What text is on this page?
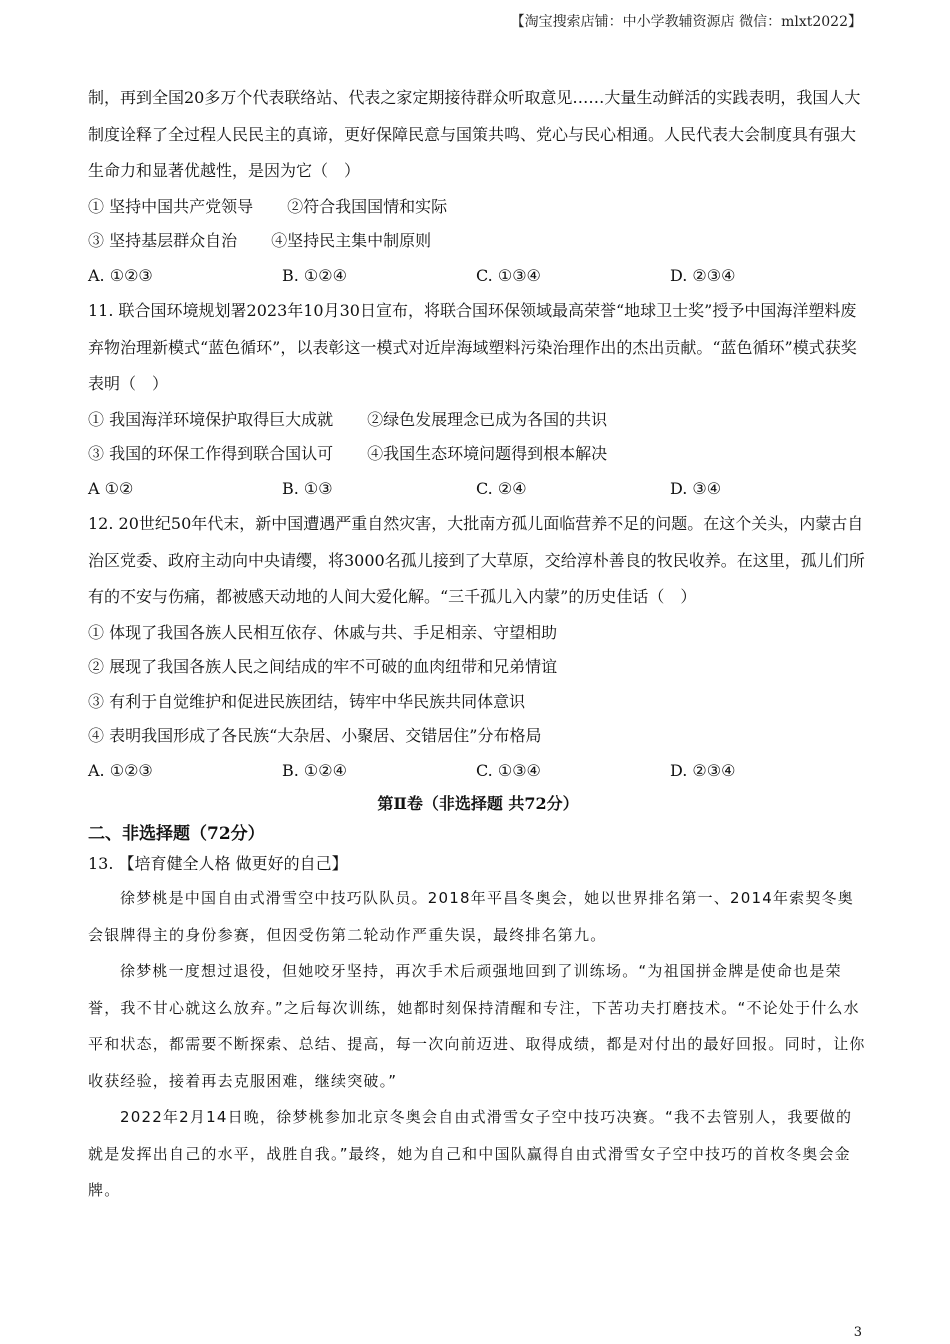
【淘宝搜索店铺：中小学教辅资源店 微信：mlxt2022】

制，再到全国20多万个代表联络站、代表之家定期接待群众听取意见……大量生动鲜活的实践表明，我国人大制度诠释了全过程人民民主的真谛，更好保障民意与国策共鸣、党心与民心相通。人民代表大会制度具有强大生命力和显著优越性，是因为它（　）

① 坚持中国共产党领导 ②符合我国国情和实际

③ 坚持基层群众自治 ④坚持民主集中制原则

A. ①②③	B. ①②④	C. ①③④	D. ②③④

11. 联合国环境规划署2023年10月30日宣布，将联合国环保领域最高荣誉“地球卫士奖”授予中国海洋塑料废弃物治理新模式“蓝色循环”，以表彰这一模式对近岸海域塑料污染治理作出的杰出贡献。“蓝色循环”模式获奖表明（　）

① 我国海洋环境保护取得巨大成就 ②绿色发展理念已成为各国的共识

③ 我国的环保工作得到联合国认可 ④我国生态环境问题得到根本解决

A ①②	B. ①③	C. ②④	D. ③④

12. 20世纪50年代末，新中国遭遇严重自然灾害，大批南方孤儿面临营养不足的问题。在这个关头，内蒙古自治区党委、政府主动向中央请缨，将3000名孤儿接到了大草原，交给淳朴善良的牧民收养。在这里，孤儿们所有的不安与伤痛，都被感天动地的人间大爱化解。“三千孤儿入内蒙”的历史佳话（　）

① 体现了我国各族人民相互依存、休戚与共、手足相亲、守望相助

② 展现了我国各族人民之间结成的牢不可破的血肉纽带和兄弟情谊

③ 有利于自觉维护和促进民族团结，铸牢中华民族共同体意识

④ 表明我国形成了各民族“大杂居、小聚居、交错居住”分布格局

A. ①②③	B. ①②④	C. ①③④	D. ②③④
第Ⅱ卷（非选择题 共72分）
二、非选择题（72分）
13. 【培育健全人格 做更好的自己】

徐梦桃是中国自由式滑雪空中技巧队队员。2018年平昌冬奥会，她以世界排名第一、2014年索契冬奥会银牌得主的身份参赛，但因受伤第二轮动作严重失误，最终排名第九。

徐梦桃一度想过退役，但她咬牙坚持，再次手术后顽强地回到了训练场。“为祖国拼金牌是使命也是荣誉，我不甘心就这么放弃。”之后每次训练，她都时刻保持清醒和专注，下苦功夫打磨技术。“不论处于什么水平和状态，都需要不断探索、总结、提高，每一次向前迈进、取得成绩，都是对付出的最好回报。同时，让你收获经验，接着再去克服困难，继续突破。”

2022年2月14日晚，徐梦桃参加北京冬奥会自由式滑雪女子空中技巧决赛。“我不去管别人，我要做的就是发挥出自己的水平，战胜自我。”最终，她为自己和中国队赢得自由式滑雪女子空中技巧的首枚冬奥会金牌。

3
